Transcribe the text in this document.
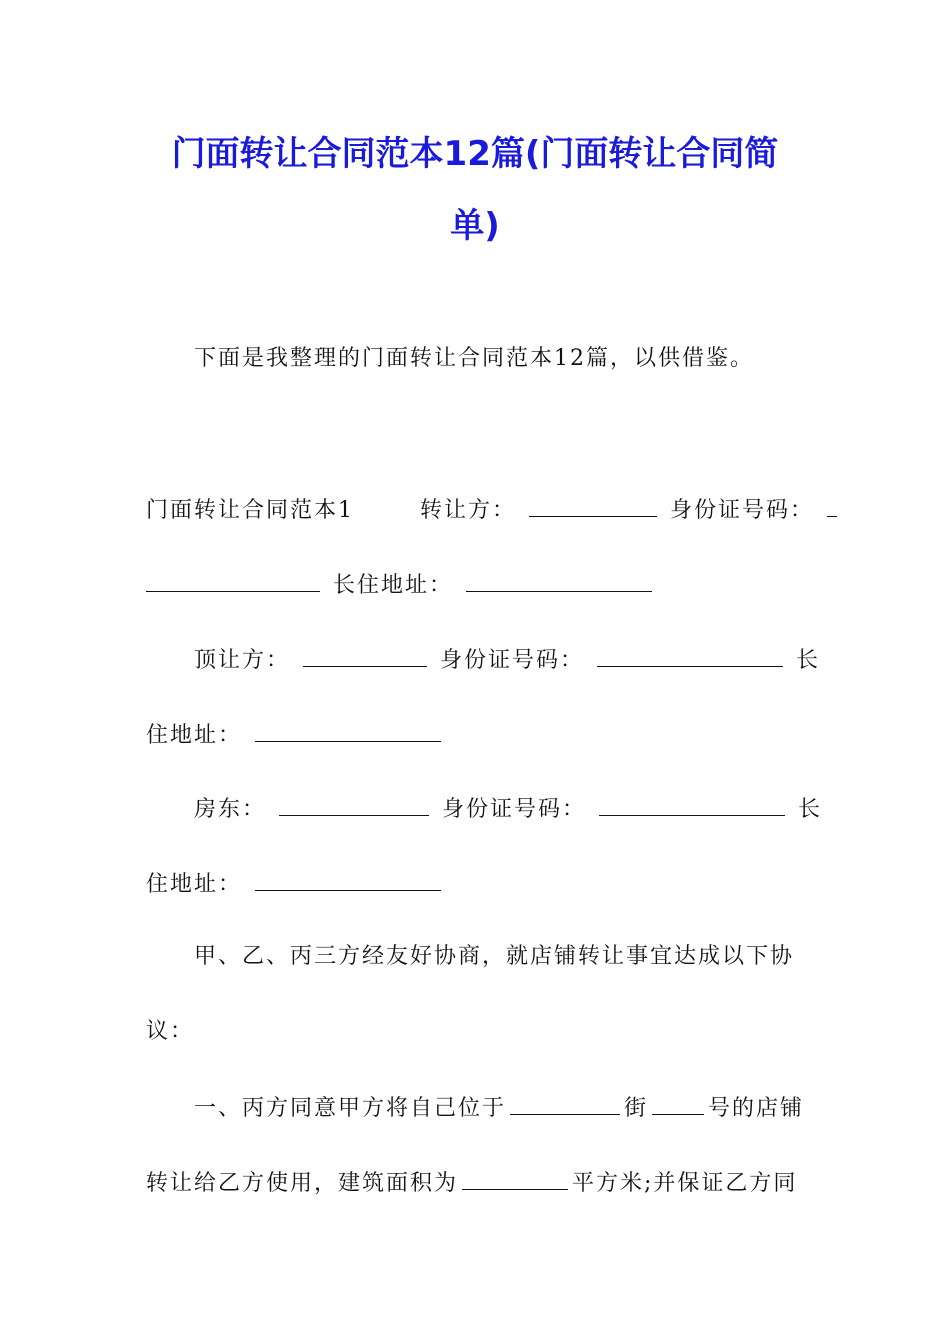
门面转让合同范本12篇(门面转让合同简
单)
下面是我整理的门面转让合同范本12篇，以供借鉴。
门面转让合同范本1	转让方：	身份证号码：
长住地址：
顶让方：	身份证号码：	长
住地址：
房东：	身份证号码：	长
住地址：
甲、乙、丙三方经友好协商，就店铺转让事宜达成以下协
议：
一、丙方同意甲方将自己位于	街	号的店铺
转让给乙方使用，建筑面积为	平方米;并保证乙方同
